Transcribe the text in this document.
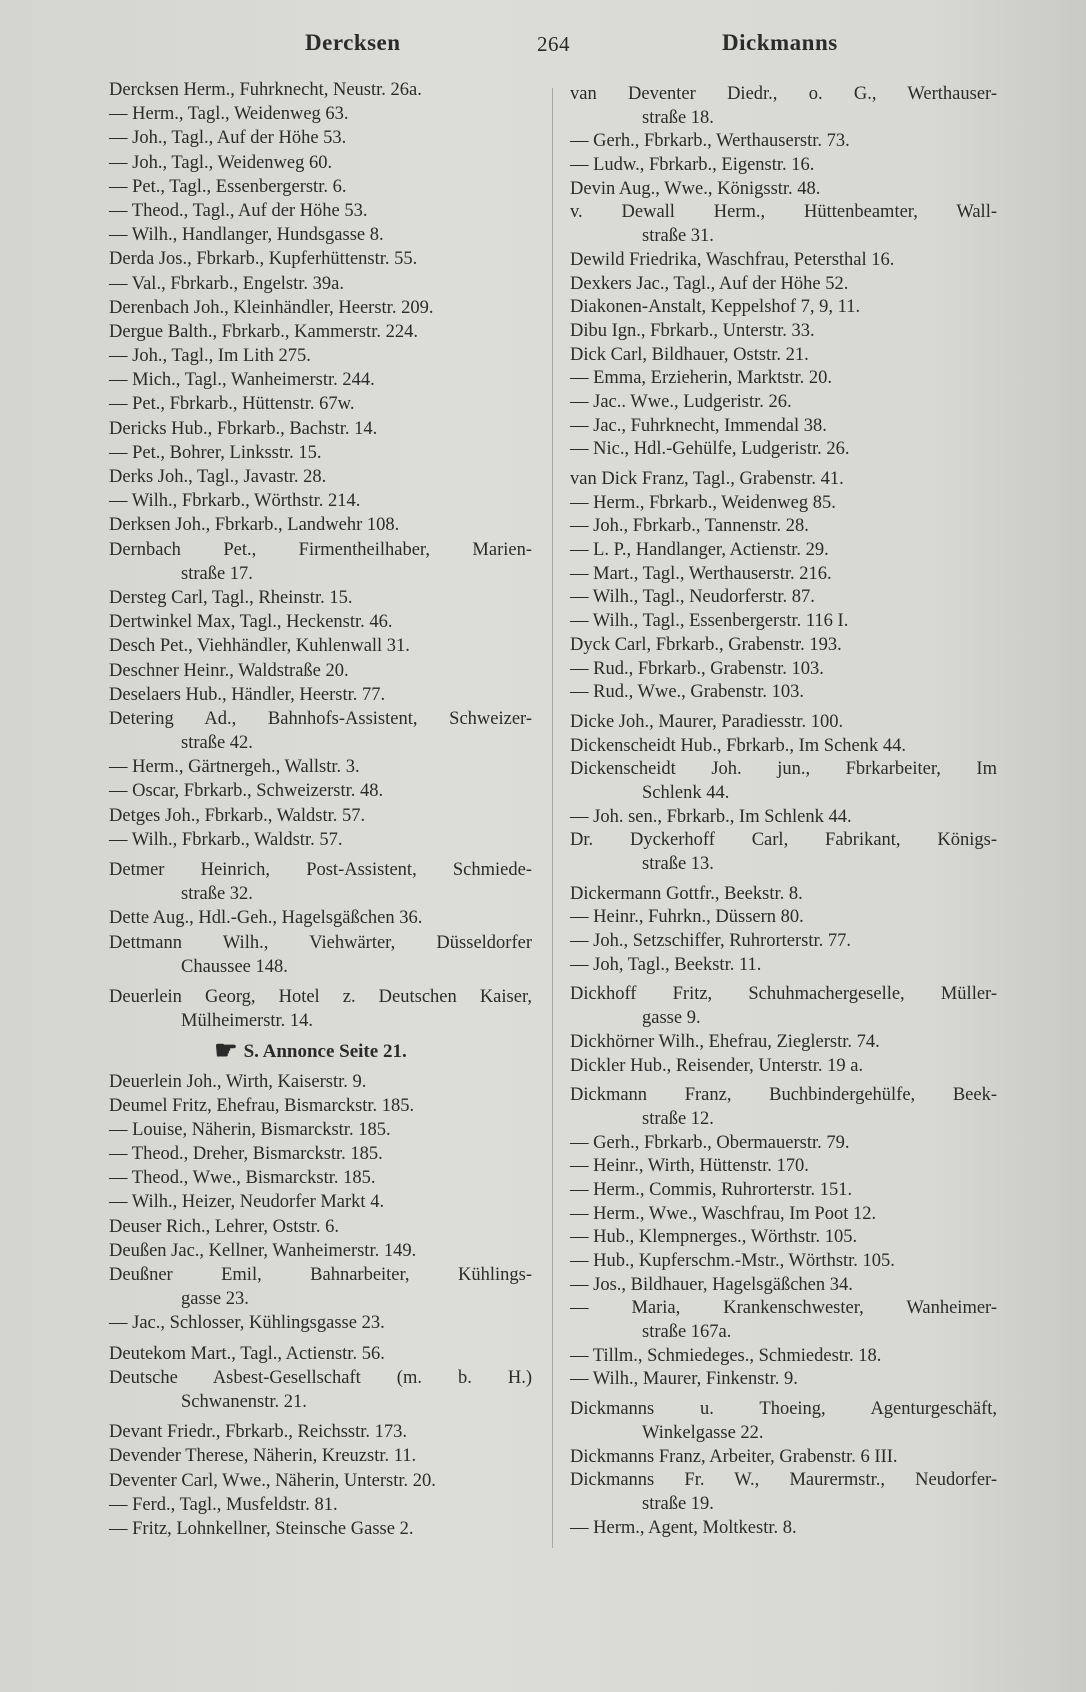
Dercksen	264	Dickmanns
Dercksen Herm., Fuhrknecht, Neustr. 26a.
— Herm., Tagl., Weidenweg 63.
— Joh., Tagl., Auf der Höhe 53.
— Joh., Tagl., Weidenweg 60.
— Pet., Tagl., Essenbergerstr. 6.
— Theod., Tagl., Auf der Höhe 53.
— Wilh., Handlanger, Hundsgasse 8.
Derda Jos., Fbrkarb., Kupferhüttenstr. 55.
— Val., Fbrkarb., Engelstr. 39a.
Derenbach Joh., Kleinhändler, Heerstr. 209.
Dergue Balth., Fbrkarb., Kammerstr. 224.
— Joh., Tagl., Im Lith 275.
— Mich., Tagl., Wanheimerstr. 244.
— Pet., Fbrkarb., Hüttenstr. 67w.
Dericks Hub., Fbrkarb., Bachstr. 14.
— Pet., Bohrer, Linksstr. 15.
Derks Joh., Tagl., Javastr. 28.
— Wilh., Fbrkarb., Wörthstr. 214.
Derksen Joh., Fbrkarb., Landwehr 108.
Dernbach Pet., Firmentheilhaber, Marien-
straße 17.
Dersteg Carl, Tagl., Rheinstr. 15.
Dertwinkel Max, Tagl., Heckenstr. 46.
Desch Pet., Viehhändler, Kuhlenwall 31.
Deschner Heinr., Waldstraße 20.
Deselaers Hub., Händler, Heerstr. 77.
Detering Ad., Bahnhofs-Assistent, Schweizer-
straße 42.
— Herm., Gärtnergeh., Wallstr. 3.
— Oscar, Fbrkarb., Schweizerstr. 48.
Detges Joh., Fbrkarb., Waldstr. 57.
— Wilh., Fbrkarb., Waldstr. 57.
Detmer Heinrich, Post-Assistent, Schmiede-
straße 32.
Dette Aug., Hdl.-Geh., Hagelsgäßchen 36.
Dettmann Wilh., Viehwärter, Düsseldorfer
Chaussee 148.
Deuerlein Georg, Hotel z. Deutschen Kaiser,
Mülheimerstr. 14.
☛ S. Annonce Seite 21.
Deuerlein Joh., Wirth, Kaiserstr. 9.
Deumel Fritz, Ehefrau, Bismarckstr. 185.
— Louise, Näherin, Bismarckstr. 185.
— Theod., Dreher, Bismarckstr. 185.
— Theod., Wwe., Bismarckstr. 185.
— Wilh., Heizer, Neudorfer Markt 4.
Deuser Rich., Lehrer, Oststr. 6.
Deußen Jac., Kellner, Wanheimerstr. 149.
Deußner Emil, Bahnarbeiter, Kühlings-
gasse 23.
— Jac., Schlosser, Kühlingsgasse 23.
Deutekom Mart., Tagl., Actienstr. 56.
Deutsche Asbest-Gesellschaft (m. b. H.)
Schwanenstr. 21.
Devant Friedr., Fbrkarb., Reichsstr. 173.
Devender Therese, Näherin, Kreuzstr. 11.
Deventer Carl, Wwe., Näherin, Unterstr. 20.
— Ferd., Tagl., Musfeldstr. 81.
— Fritz, Lohnkellner, Steinsche Gasse 2.
van Deventer Diedr., o. G., Werthauser-
straße 18.
— Gerh., Fbrkarb., Werthauserstr. 73.
— Ludw., Fbrkarb., Eigenstr. 16.
Devin Aug., Wwe., Königsstr. 48.
v. Dewall Herm., Hüttenbeamter, Wall-
straße 31.
Dewild Friedrika, Waschfrau, Petersthal 16.
Dexkers Jac., Tagl., Auf der Höhe 52.
Diakonen-Anstalt, Keppelshof 7, 9, 11.
Dibu Ign., Fbrkarb., Unterstr. 33.
Dick Carl, Bildhauer, Oststr. 21.
— Emma, Erzieherin, Marktstr. 20.
— Jac.. Wwe., Ludgeristr. 26.
— Jac., Fuhrknecht, Immendal 38.
— Nic., Hdl.-Gehülfe, Ludgeristr. 26.
van Dick Franz, Tagl., Grabenstr. 41.
— Herm., Fbrkarb., Weidenweg 85.
— Joh., Fbrkarb., Tannenstr. 28.
— L. P., Handlanger, Actienstr. 29.
— Mart., Tagl., Werthauserstr. 216.
— Wilh., Tagl., Neudorferstr. 87.
— Wilh., Tagl., Essenbergerstr. 116 I.
Dyck Carl, Fbrkarb., Grabenstr. 193.
— Rud., Fbrkarb., Grabenstr. 103.
— Rud., Wwe., Grabenstr. 103.
Dicke Joh., Maurer, Paradiesstr. 100.
Dickenscheidt Hub., Fbrkarb., Im Schenk 44.
Dickenscheidt Joh. jun., Fbrkarbeiter, Im
Schlenk 44.
— Joh. sen., Fbrkarb., Im Schlenk 44.
Dr. Dyckerhoff Carl, Fabrikant, Königs-
straße 13.
Dickermann Gottfr., Beekstr. 8.
— Heinr., Fuhrkn., Düssern 80.
— Joh., Setzschiffer, Ruhrorterstr. 77.
— Joh, Tagl., Beekstr. 11.
Dickhoff Fritz, Schuhmachergeselle, Müller-
gasse 9.
Dickhörner Wilh., Ehefrau, Zieglerstr. 74.
Dickler Hub., Reisender, Unterstr. 19 a.
Dickmann Franz, Buchbindergehülfe, Beek-
straße 12.
— Gerh., Fbrkarb., Obermauerstr. 79.
— Heinr., Wirth, Hüttenstr. 170.
— Herm., Commis, Ruhrorterstr. 151.
— Herm., Wwe., Waschfrau, Im Poot 12.
— Hub., Klempnerges., Wörthstr. 105.
— Hub., Kupferschm.-Mstr., Wörthstr. 105.
— Jos., Bildhauer, Hagelsgäßchen 34.
— Maria, Krankenschwester, Wanheimer-
straße 167a.
— Tillm., Schmiedeges., Schmiedestr. 18.
— Wilh., Maurer, Finkenstr. 9.
Dickmanns u. Thoeing, Agenturgeschäft,
Winkelgasse 22.
Dickmanns Franz, Arbeiter, Grabenstr. 6 III.
Dickmanns Fr. W., Maurermstr., Neudorfer-
straße 19.
— Herm., Agent, Moltkestr. 8.
